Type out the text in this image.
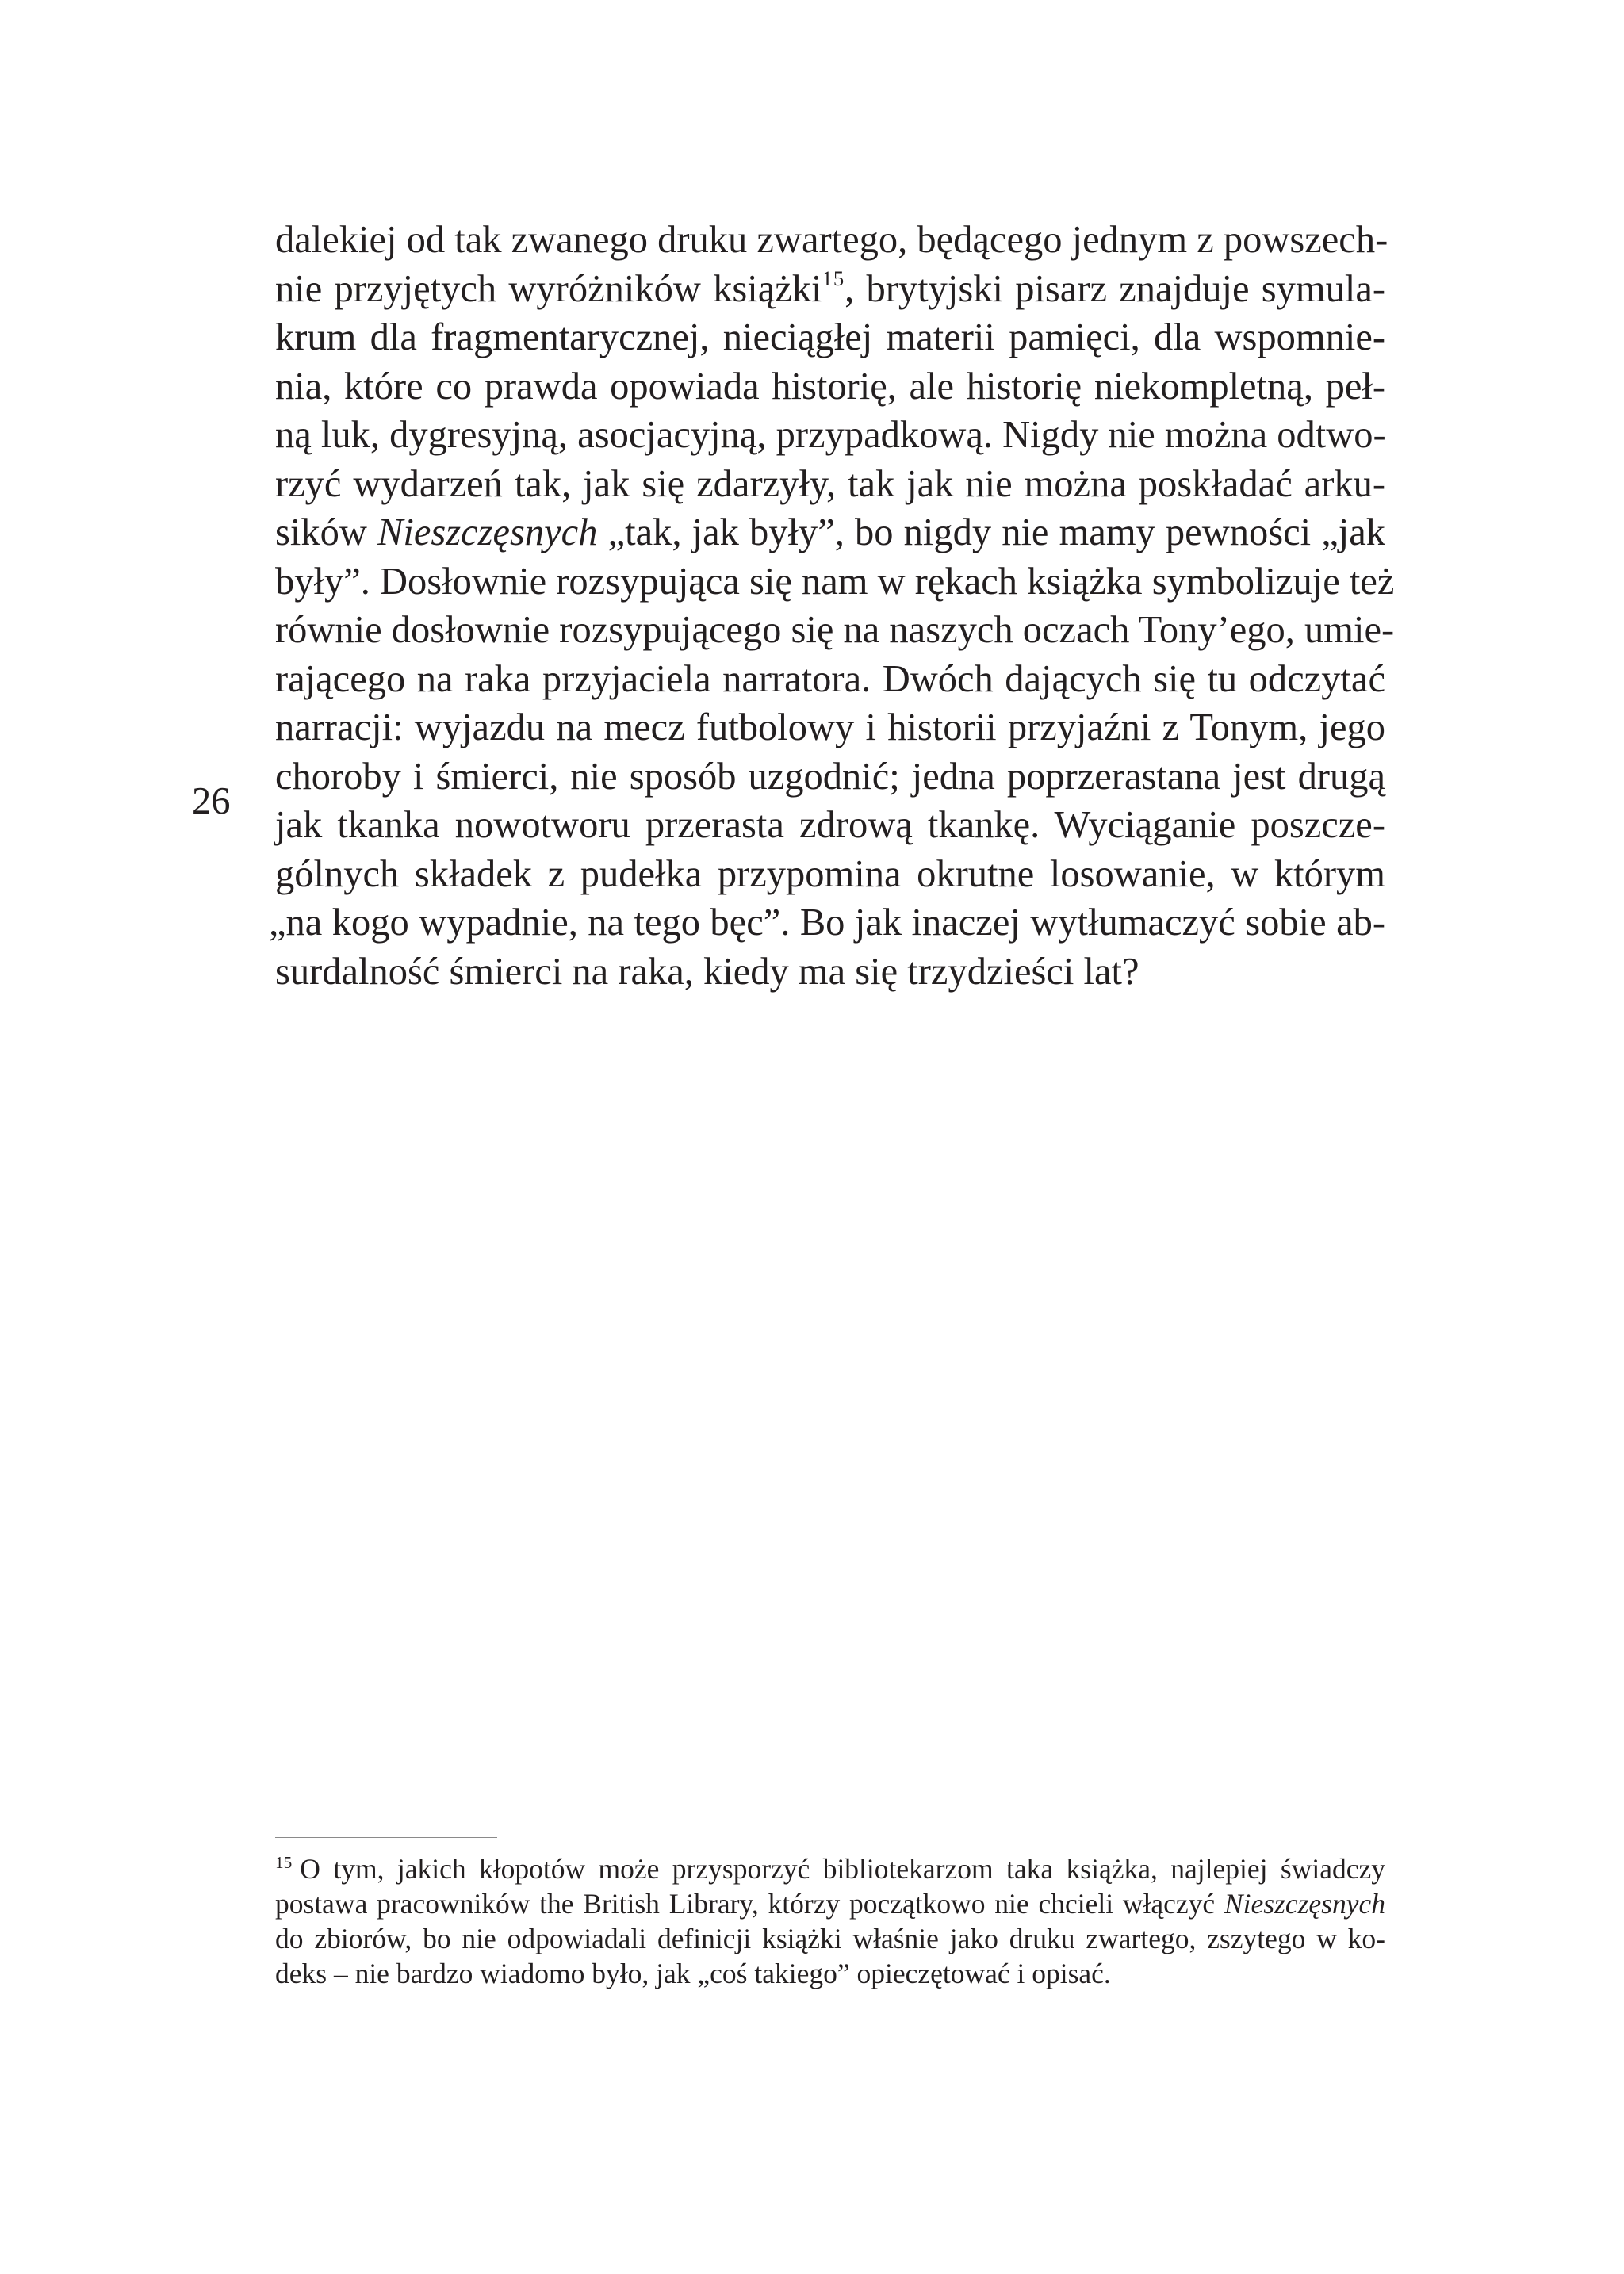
26
dalekiej od tak zwanego druku zwartego, będącego jednym z powszech-
nie przyjętych wyróżników książki$^{15}$, brytyjski pisarz znajduje symula-
krum dla fragmentarycznej, nieciągłej materii pamięci, dla wspomnie-
nia, które co prawda opowiada historię, ale historię niekompletną, peł-
ną luk, dygresyjną, asocjacyjną, przypadkową. Nigdy nie można odtwo-
rzyć wydarzeń tak, jak się zdarzyły, tak jak nie można poskładać arku-
sików Nieszczęsnych „tak, jak były”, bo nigdy nie mamy pewności „jak
były”. Dosłownie rozsypująca się nam w rękach książka symbolizuje też
równie dosłownie rozsypującego się na naszych oczach Tony’ego, umie-
rającego na raka przyjaciela narratora. Dwóch dających się tu odczytać
narracji: wyjazdu na mecz futbolowy i historii przyjaźni z Tonym, jego
choroby i śmierci, nie sposób uzgodnić; jedna poprzerastana jest drugą
jak tkanka nowotworu przerasta zdrową tkankę. Wyciąganie poszcze-
gólnych składek z pudełka przypomina okrutne losowanie, w którym
„na kogo wypadnie, na tego bęc”. Bo jak inaczej wytłumaczyć sobie ab-
surdalność śmierci na raka, kiedy ma się trzydzieści lat?
$^{15}$ O tym, jakich kłopotów może przysporzyć bibliotekarzom taka książka, najlepiej świadczy
postawa pracowników the British Library, którzy początkowo nie chcieli włączyć Nieszczęsnych
do zbiorów, bo nie odpowiadali definicji książki właśnie jako druku zwartego, zszytego w ko-
deks – nie bardzo wiadomo było, jak „coś takiego” opieczętować i opisać.
